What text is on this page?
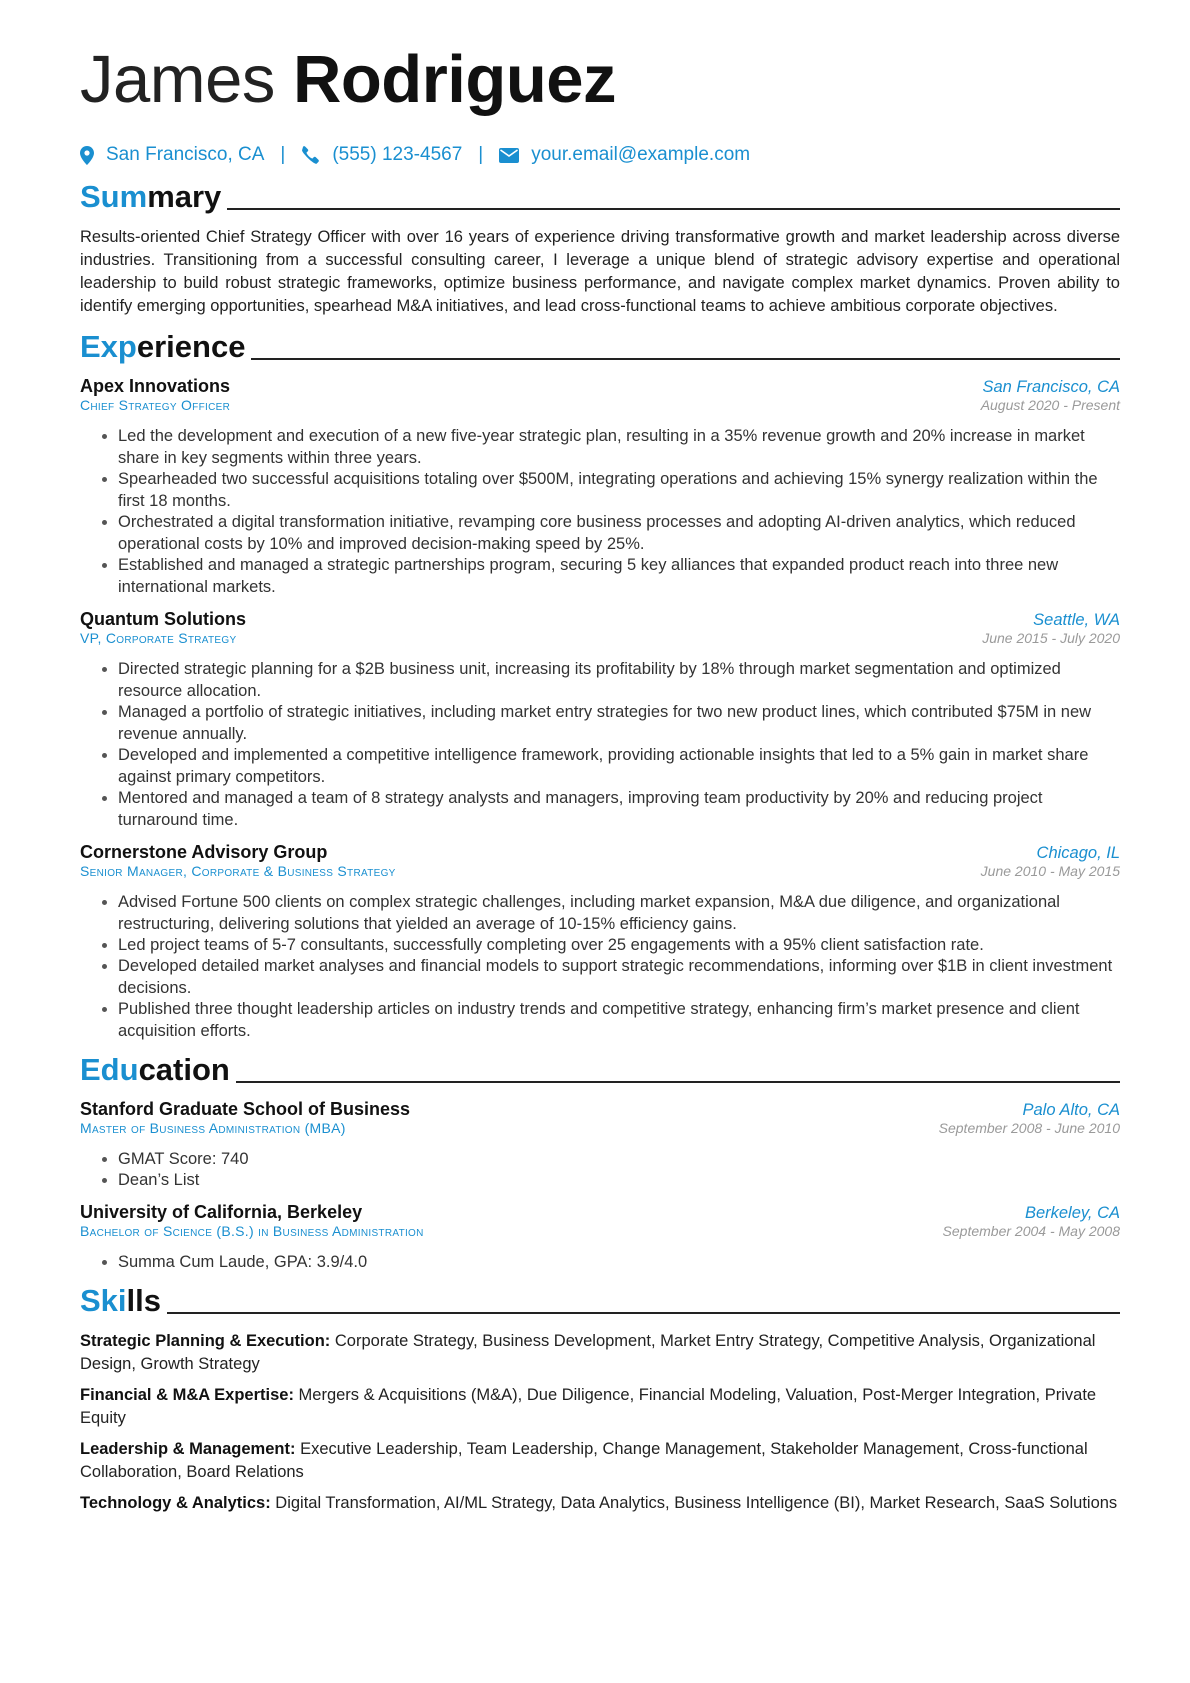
James Rodriguez
San Francisco, CA | (555) 123-4567 |	your.email@example.com
Summary

Results-oriented Chief Strategy Officer with over 16 years of experience driving transformative growth and market leadership across diverse industries. Transitioning from a successful consulting career, I leverage a unique blend of strategic advisory expertise and operational leadership to build robust strategic frameworks, optimize business performance, and navigate complex market dynamics. Proven ability to identify emerging opportunities, spearhead M&A initiatives, and lead cross-functional teams to achieve ambitious corporate objectives.

Experience
Apex Innovations	San Francisco, CA
Chief Strategy Officer	August 2020 - Present
• Led the development and execution of a new five-year strategic plan, resulting in a 35% revenue growth and 20% increase in market share in key segments within three years.
• Spearheaded two successful acquisitions totaling over $500M, integrating operations and achieving 15% synergy realization within the first 18 months.
• Orchestrated a digital transformation initiative, revamping core business processes and adopting AI-driven analytics, which reduced operational costs by 10% and improved decision-making speed by 25%.
• Established and managed a strategic partnerships program, securing 5 key alliances that expanded product reach into three new international markets.
Quantum Solutions	Seattle, WA
VP, Corporate Strategy	June 2015 - July 2020
• Directed strategic planning for a $2B business unit, increasing its profitability by 18% through market segmentation and optimized resource allocation.
• Managed a portfolio of strategic initiatives, including market entry strategies for two new product lines, which contributed $75M in new revenue annually.
• Developed and implemented a competitive intelligence framework, providing actionable insights that led to a 5% gain in market share against primary competitors.
• Mentored and managed a team of 8 strategy analysts and managers, improving team productivity by 20% and reducing project turnaround time.
Cornerstone Advisory Group	Chicago, IL
Senior Manager, Corporate & Business Strategy	June 2010 - May 2015
• Advised Fortune 500 clients on complex strategic challenges, including market expansion, M&A due diligence, and organizational restructuring, delivering solutions that yielded an average of 10-15% efficiency gains.
• Led project teams of 5-7 consultants, successfully completing over 25 engagements with a 95% client satisfaction rate.
• Developed detailed market analyses and financial models to support strategic recommendations, informing over $1B in client investment decisions.
• Published three thought leadership articles on industry trends and competitive strategy, enhancing firm’s market presence and client acquisition efforts.
Education
Stanford Graduate School of Business	Palo Alto, CA
Master of Business Administration (MBA)	September 2008 - June 2010
• GMAT Score: 740
• Dean’s List
University of California, Berkeley	Berkeley, CA
Bachelor of Science (B.S.) in Business Administration	September 2004 - May 2008
• Summa Cum Laude, GPA: 3.9/4.0
Skills
Strategic Planning & Execution: Corporate Strategy, Business Development, Market Entry Strategy, Competitive Analysis, Organizational Design, Growth Strategy
Financial & M&A Expertise: Mergers & Acquisitions (M&A), Due Diligence, Financial Modeling, Valuation, Post-Merger Integration, Private Equity
Leadership & Management: Executive Leadership, Team Leadership, Change Management, Stakeholder Management, Cross-functional Collaboration, Board Relations
Technology & Analytics: Digital Transformation, AI/ML Strategy, Data Analytics, Business Intelligence (BI), Market Research, SaaS Solutions
